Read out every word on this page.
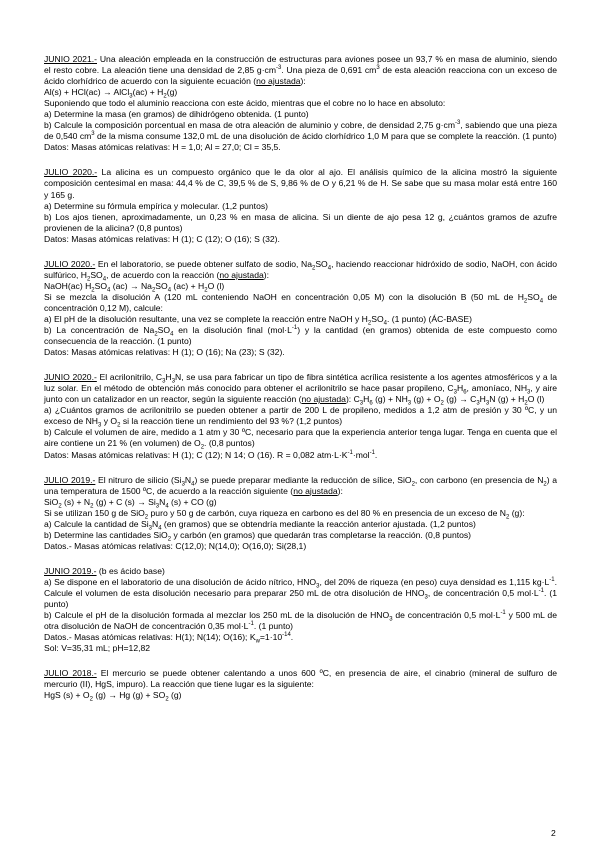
JUNIO 2021.- Una aleación empleada en la construcción de estructuras para aviones posee un 93,7 % en masa de aluminio, siendo el resto cobre. La aleación tiene una densidad de 2,85 $g\cdot cm^{-3}$. Una pieza de 0,691 $cm^3$ de esta aleación reacciona con un exceso de ácido clorhídrico de acuerdo con la siguiente ecuación (no ajustada):

Al(s) + HCl(ac) → AlCl$_3$(ac) + $H_2(g)$

Suponiendo que todo el aluminio reacciona con este ácido, mientras que el cobre no lo hace en absoluto:

a) Determine la masa (en gramos) de dihidrógeno obtenida. (1 punto)

b) Calcule la composición porcentual en masa de otra aleación de aluminio y cobre, de densidad 2,75 $g\cdot cm^{-3}$, sabiendo que una pieza de 0,540 $cm^3$ de la misma consume 132,0 mL de una disolución de ácido clorhídrico 1,0 M para que se complete la reacción. (1 punto)

Datos: Masas atómicas relativas: H = 1,0; Al = 27,0; Cl = 35,5.

JULIO 2020.- La alicina es un compuesto orgánico que le da olor al ajo. El análisis químico de la alicina mostró la siguiente composición centesimal en masa: 44,4 % de C, 39,5 % de S, 9,86 % de O y 6,21 % de H. Se sabe que su masa molar está entre 160 y 165 g.

a) Determine su fórmula empírica y molecular. (1,2 puntos)

b) Los ajos tienen, aproximadamente, un 0,23 % en masa de alicina. Si un diente de ajo pesa 12 g, ¿cuántos gramos de azufre provienen de la alicina? (0,8 puntos)

Datos: Masas atómicas relativas: H (1); C (12); O (16); S (32).

JULIO 2020.- En el laboratorio, se puede obtener sulfato de sodio, $Na_2SO_4$, haciendo reaccionar hidróxido de sodio, NaOH, con ácido sulfúrico, $H_2SO_4$, de acuerdo con la reacción (no ajustada):

NaOH(ac) $H_2SO_4$ $(ac) \to Na_2SO_4$ $(ac) + H_2O$ (l)

Si se mezcla la disolución A (120 mL conteniendo NaOH en concentración 0,05 M) con la disolución B (50 mL de $H_2SO_4$ de concentración 0,12 M), calcule:

a) El pH de la disolución resultante, una vez se complete la reacción entre NaOH y $H_2SO_4$. (1 punto) (ÁC-BASE)

b) La concentración de $Na_2SO_4$ en la disolución final $(mol\cdot L^{-1})$ y la cantidad (en gramos) obtenida de este compuesto como consecuencia de la reacción. (1 punto)

Datos: Masas atómicas relativas: H (1); O (16); Na (23); S (32).

JUNIO 2020.- El acrilonitrilo, $C_3H_3N$, se usa para fabricar un tipo de fibra sintética acrílica resistente a los agentes atmosféricos y a la luz solar. En el método de obtención más conocido para obtener el acrilonitrilo se hace pasar propileno, $C_3H_6$, amoníaco, $NH_3$, y aire junto con un catalizador en un reactor, según la siguiente reacción (no ajustada): $C_3H_6$ $(g) + NH_3$ $(g) + O_2$ $(g) \to C_3H_3N$ $(g) + H_2O$ (l)

a) ¿Cuántos gramos de acrilonitrilo se pueden obtener a partir de 200 L de propileno, medidos a 1,2 atm de presión y 30 ºC, y un exceso de $NH_3$ y $O_2$ si la reacción tiene un rendimiento del 93 %? (1,2 puntos)

b) Calcule el volumen de aire, medido a 1 atm y 30 ºC, necesario para que la experiencia anterior tenga lugar. Tenga en cuenta que el aire contiene un 21 % (en volumen) de $O_2$. (0,8 puntos)

Datos: Masas atómicas relativas: H (1); C (12); N 14; O (16). R = 0,082 $atm\cdot L\cdot K^{-1}\cdot mol^{-1}$.

JULIO 2019.- El nitruro de silicio $(Si_3N_4)$ se puede preparar mediante la reducción de sílice, SiO$_2$, con carbono (en presencia de $N_2$) a una temperatura de 1500 ºC, de acuerdo a la reacción siguiente (no ajustada):

SiO$_2$ $(s) + N_2$ (g) + C $(s) \to Si_3N_4$ (s) + CO (g)

Si se utilizan 150 g de SiO$_2$ puro y 50 g de carbón, cuya riqueza en carbono es del 80 % en presencia de un exceso de $N_2$ (g):

a) Calcule la cantidad de $Si_3N_4$ (en gramos) que se obtendría mediante la reacción anterior ajustada. (1,2 puntos)

b) Determine las cantidades SiO$_2$ y carbón (en gramos) que quedarán tras completarse la reacción. (0,8 puntos)

Datos.- Masas atómicas relativas: C(12,0); N(14,0); O(16,0); Si(28,1)

JUNIO 2019.- (b es ácido base)

a) Se dispone en el laboratorio de una disolución de ácido nítrico, $HNO_3$, del 20% de riqueza (en peso) cuya densidad es 1,115 $kg\cdot L^{-1}$. Calcule el volumen de esta disolución necesario para preparar 250 mL de otra disolución de $HNO_3$, de concentración 0,5 $mol\cdot L^{-1}$. (1 punto)

b) Calcule el pH de la disolución formada al mezclar los 250 mL de la disolución de $HNO_3$ de concentración 0,5 $mol\cdot L^{-1}$ y 500 mL de otra disolución de NaOH de concentración 0,35 $mol\cdot L^{-1}$. (1 punto)

Datos.- Masas atómicas relativas: H(1); N(14); O(16); $K_w=1\cdot 10^{-14}$.

Sol: V=35,31 mL; pH=12,82

JULIO 2018.- El mercurio se puede obtener calentando a unos 600 ºC, en presencia de aire, el cinabrio (mineral de sulfuro de mercurio (II), HgS, impuro). La reacción que tiene lugar es la siguiente:

HgS $(s) + O_2$ (g) → Hg $(g) + SO_2$ (g)

2
